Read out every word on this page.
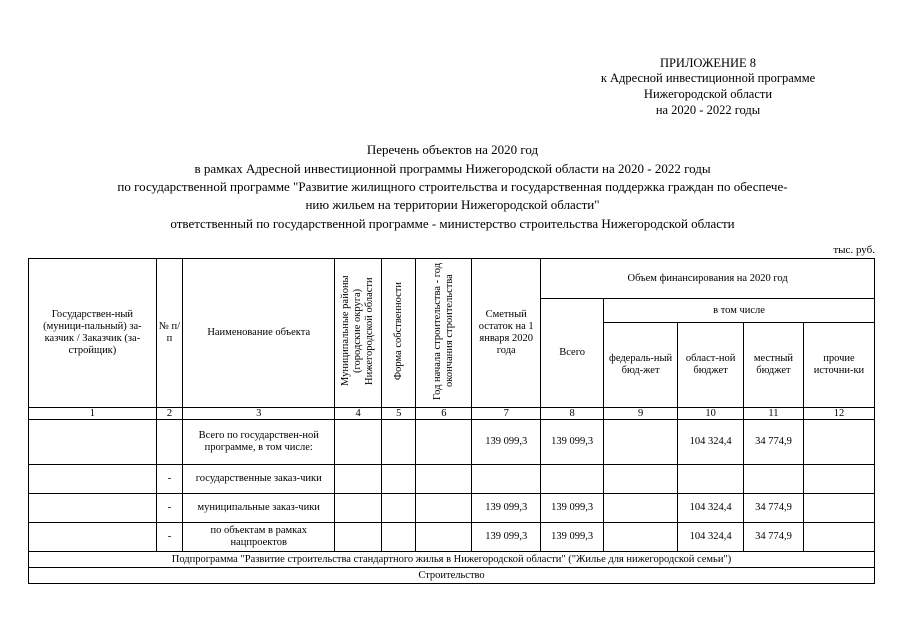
ПРИЛОЖЕНИЕ 8
к Адресной инвестиционной программе
Нижегородской области
на 2020 - 2022 годы
Перечень объектов на 2020 год
в рамках Адресной инвестиционной программы Нижегородской области на 2020 - 2022 годы
по государственной программе "Развитие жилищного строительства и государственная поддержка граждан по обеспече-
нию жильем на территории Нижегородской области"
ответственный по государственной программе - министерство строительства Нижегородской области
тыс. руб.
Государствен-ный (муници-пальный) за-казчик / Заказчик (за-стройщик)	№ п/п	Наименование объекта	Муниципальные районы (городские округа) Нижегородской области	Форма собственности	Год начала строительства - год окончания строительства	Сметный остаток на 1 января 2020 года	Объем финансирования на 2020 год				
							Всего	в том числе			
								федераль-ный бюд-жет	област-ной бюджет	местный бюджет	прочие источни-ки
1	2	3	4	5	6	7	8	9	10	11	12
		Всего по государствен-ной программе, в том числе:				139 099,3	139 099,3		104 324,4	34 774,9	
	-	государственные заказ-чики									
	-	муниципальные заказ-чики				139 099,3	139 099,3		104 324,4	34 774,9	
	-	по объектам в рамках нацпроектов				139 099,3	139 099,3		104 324,4	34 774,9	
Подпрограмма "Развитие строительства стандартного жилья в Нижегородской области" ("Жилье для нижегородской семьи")											
Строительство											
